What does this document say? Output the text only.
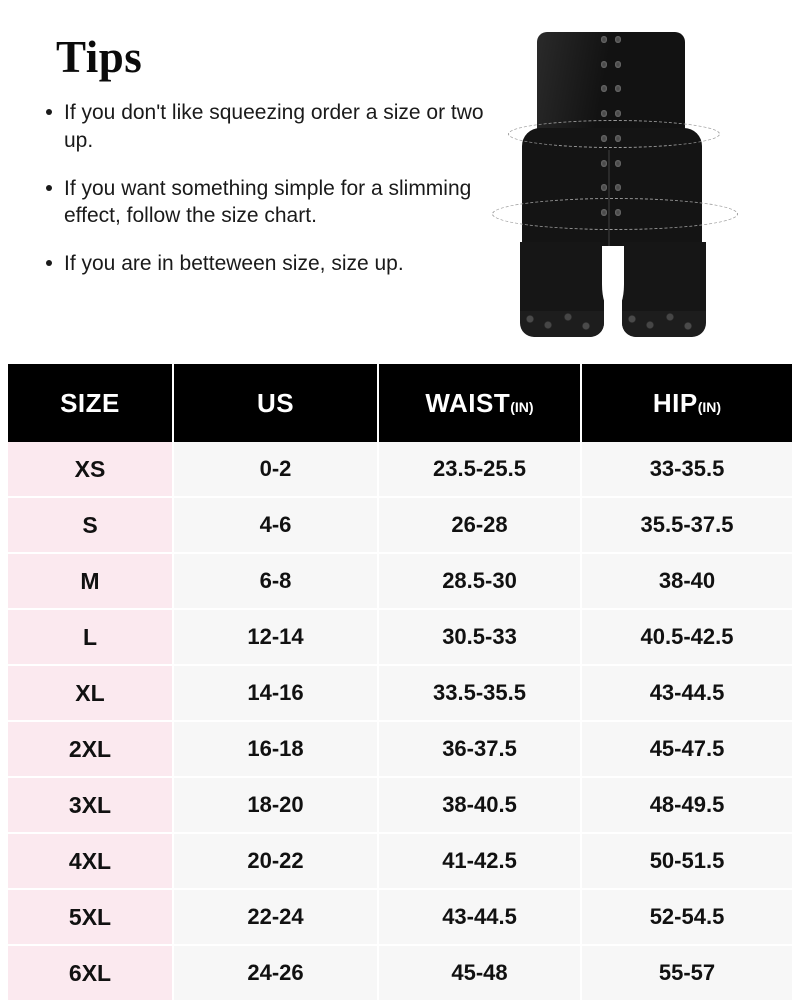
Tips
If you don't like squeezing order a size or two up.
If you want something simple for a slimming effect, follow the size chart.
If you are in betteween size, size up.
SIZE	US	WAIST(IN)	HIP(IN)
XS	0-2	23.5-25.5	33-35.5
S	4-6	26-28	35.5-37.5
M	6-8	28.5-30	38-40
L	12-14	30.5-33	40.5-42.5
XL	14-16	33.5-35.5	43-44.5
2XL	16-18	36-37.5	45-47.5
3XL	18-20	38-40.5	48-49.5
4XL	20-22	41-42.5	50-51.5
5XL	22-24	43-44.5	52-54.5
6XL	24-26	45-48	55-57
